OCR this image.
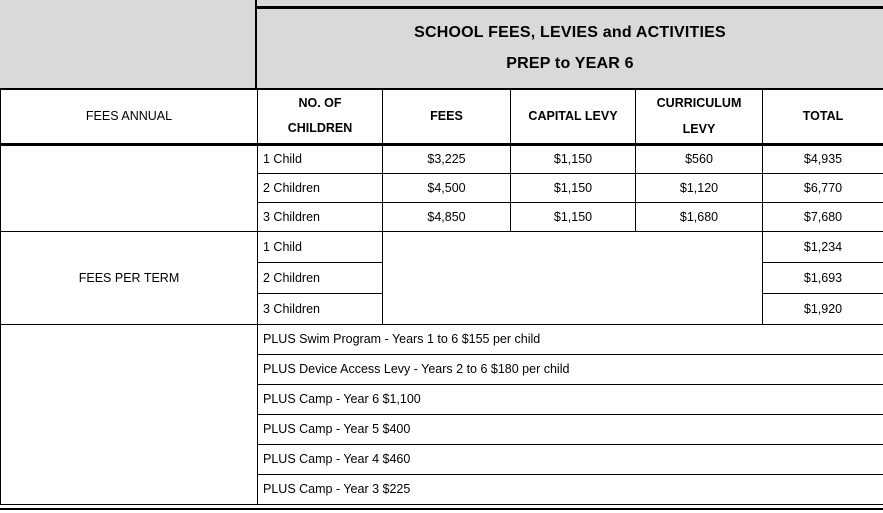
SCHOOL FEES, LEVIES and ACTIVITIES
PREP to YEAR 6
FEES ANNUAL	NO. OF CHILDREN	FEES	CAPITAL LEVY	CURRICULUM LEVY	TOTAL
	1 Child	$3,225	$1,150	$560	$4,935
	2 Children	$4,500	$1,150	$1,120	$6,770
	3 Children	$4,850	$1,150	$1,680	$7,680
FEES PER TERM	1 Child				$1,234
	2 Children				$1,693
	3 Children				$1,920
	PLUS Swim Program - Years 1 to 6 $155 per child				
	PLUS Device Access Levy - Years 2 to 6 $180 per child				
	PLUS Camp - Year 6 $1,100				
	PLUS Camp - Year 5 $400				
	PLUS Camp - Year 4 $460				
	PLUS Camp - Year 3 $225				
